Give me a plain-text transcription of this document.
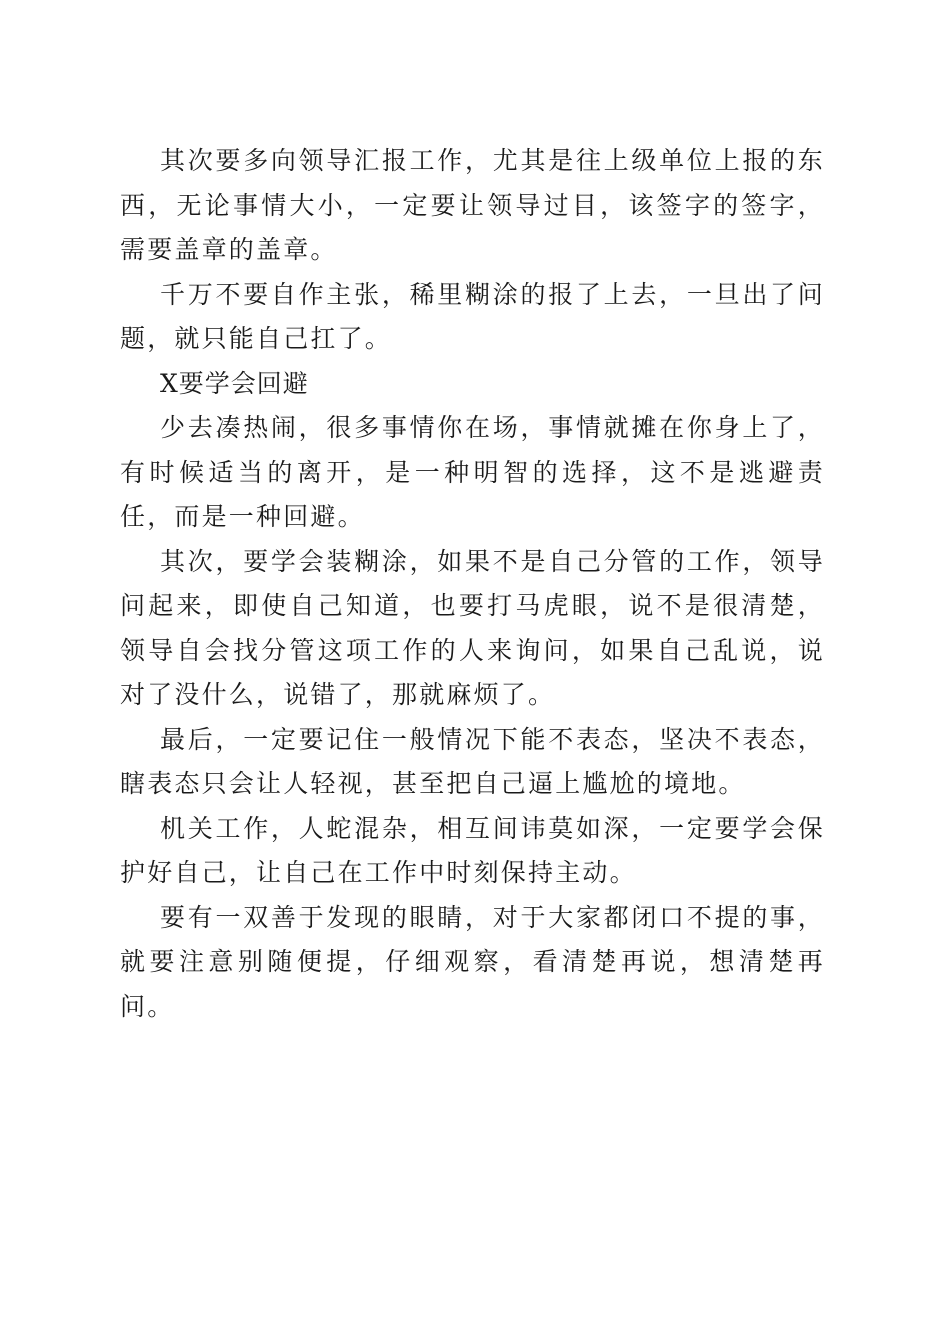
其次要多向领导汇报工作，尤其是往上级单位上报的东西，无论事情大小，一定要让领导过目，该签字的签字，需要盖章的盖章。

千万不要自作主张，稀里糊涂的报了上去，一旦出了问题，就只能自己扛了。

X要学会回避

少去凑热闹，很多事情你在场，事情就摊在你身上了，有时候适当的离开，是一种明智的选择，这不是逃避责任，而是一种回避。

其次，要学会装糊涂，如果不是自己分管的工作，领导问起来，即使自己知道，也要打马虎眼，说不是很清楚，领导自会找分管这项工作的人来询问，如果自己乱说，说对了没什么，说错了，那就麻烦了。

最后，一定要记住一般情况下能不表态，坚决不表态，瞎表态只会让人轻视，甚至把自己逼上尴尬的境地。

机关工作，人蛇混杂，相互间讳莫如深，一定要学会保护好自己，让自己在工作中时刻保持主动。

要有一双善于发现的眼睛，对于大家都闭口不提的事，就要注意别随便提，仔细观察，看清楚再说，想清楚再问。
